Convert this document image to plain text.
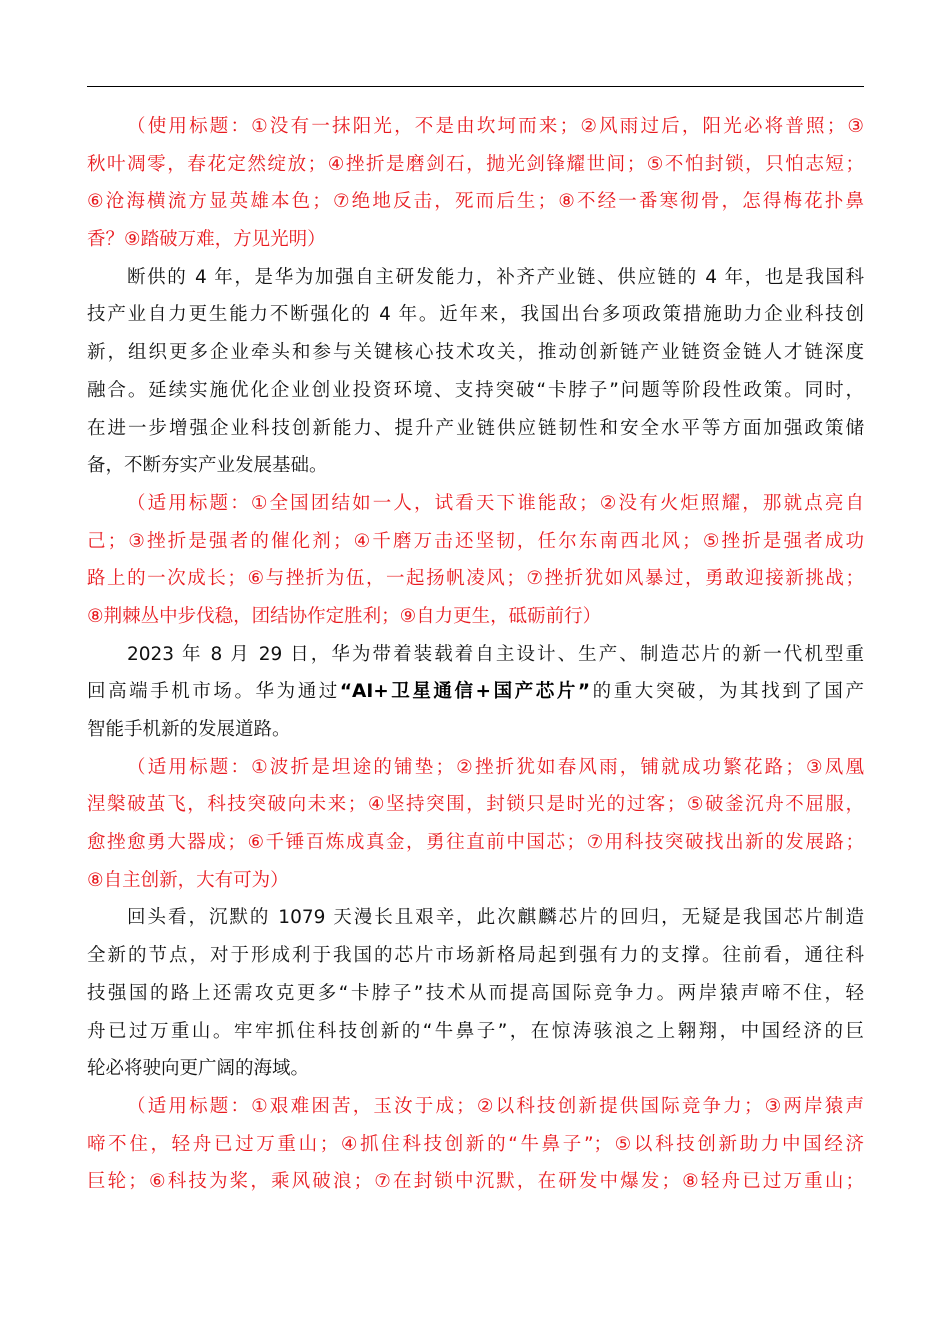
（使用标题：①没有一抹阳光，不是由坎坷而来；②风雨过后，阳光必将普照；③
秋叶凋零，春花定然绽放；④挫折是磨剑石，抛光剑锋耀世间；⑤不怕封锁，只怕志短；
⑥沧海横流方显英雄本色；⑦绝地反击，死而后生；⑧不经一番寒彻骨，怎得梅花扑鼻
香？⑨踏破万难，方见光明）
断供的 4 年，是华为加强自主研发能力，补齐产业链、供应链的 4 年，也是我国科
技产业自力更生能力不断强化的 4 年。近年来，我国出台多项政策措施助力企业科技创
新，组织更多企业牵头和参与关键核心技术攻关，推动创新链产业链资金链人才链深度
融合。延续实施优化企业创业投资环境、支持突破“卡脖子”问题等阶段性政策。同时，
在进一步增强企业科技创新能力、提升产业链供应链韧性和安全水平等方面加强政策储
备，不断夯实产业发展基础。
（适用标题：①全国团结如一人，试看天下谁能敌；②没有火炬照耀，那就点亮自
己；③挫折是强者的催化剂；④千磨万击还坚韧，任尔东南西北风；⑤挫折是强者成功
路上的一次成长；⑥与挫折为伍，一起扬帆凌风；⑦挫折犹如风暴过，勇敢迎接新挑战；
⑧荆棘丛中步伐稳，团结协作定胜利；⑨自力更生，砥砺前行）
2023 年 8 月 29 日，华为带着装载着自主设计、生产、制造芯片的新一代机型重
回高端手机市场。华为通过“AI+卫星通信+国产芯片”的重大突破，为其找到了国产
智能手机新的发展道路。
（适用标题：①波折是坦途的铺垫；②挫折犹如春风雨，铺就成功繁花路；③凤凰
涅槃破茧飞，科技突破向未来；④坚持突围，封锁只是时光的过客；⑤破釜沉舟不屈服，
愈挫愈勇大器成；⑥千锤百炼成真金，勇往直前中国芯；⑦用科技突破找出新的发展路；
⑧自主创新，大有可为）
回头看，沉默的 1079 天漫长且艰辛，此次麒麟芯片的回归，无疑是我国芯片制造
全新的节点，对于形成利于我国的芯片市场新格局起到强有力的支撑。往前看，通往科
技强国的路上还需攻克更多“卡脖子”技术从而提高国际竞争力。两岸猿声啼不住，轻
舟已过万重山。牢牢抓住科技创新的“牛鼻子”，在惊涛骇浪之上翱翔，中国经济的巨
轮必将驶向更广阔的海域。
（适用标题：①艰难困苦，玉汝于成；②以科技创新提供国际竞争力；③两岸猿声
啼不住，轻舟已过万重山；④抓住科技创新的“牛鼻子”；⑤以科技创新助力中国经济
巨轮；⑥科技为桨，乘风破浪；⑦在封锁中沉默，在研发中爆发；⑧轻舟已过万重山；
